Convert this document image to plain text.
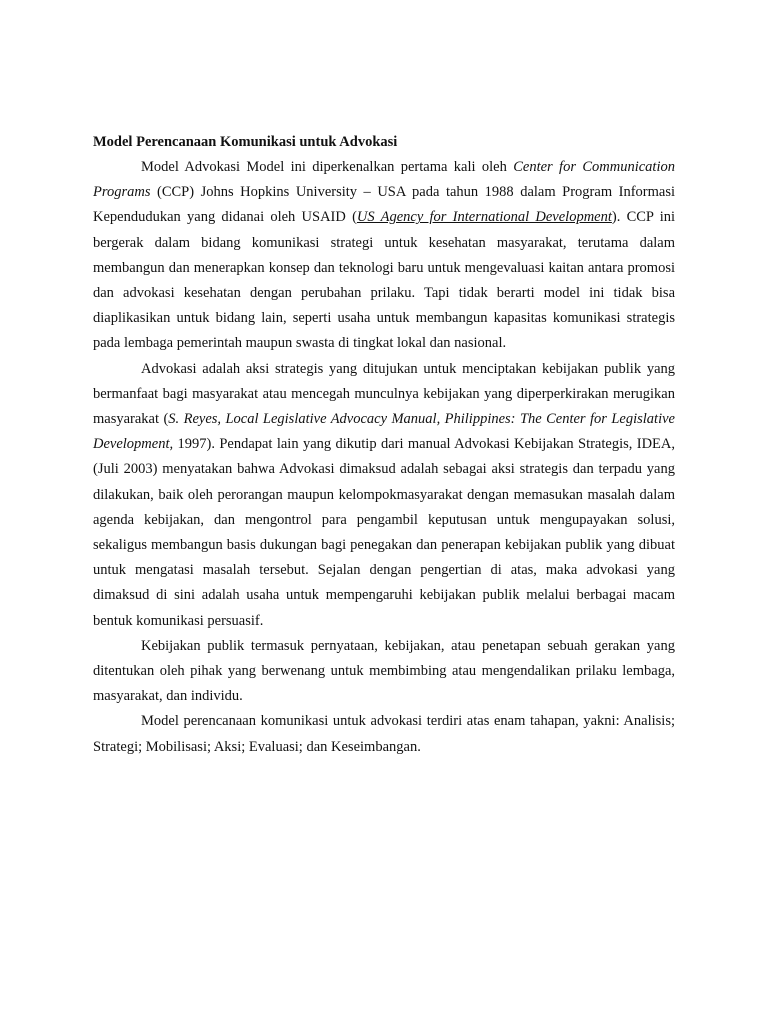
Model Perencanaan Komunikasi untuk Advokasi

Model Advokasi Model ini diperkenalkan pertama kali oleh Center for Communication Programs (CCP) Johns Hopkins University – USA pada tahun 1988 dalam Program Informasi Kependudukan yang didanai oleh USAID (US Agency for International Development). CCP ini bergerak dalam bidang komunikasi strategi untuk kesehatan masyarakat, terutama dalam membangun dan menerapkan konsep dan teknologi baru untuk mengevaluasi kaitan antara promosi dan advokasi kesehatan dengan perubahan prilaku. Tapi tidak berarti model ini tidak bisa diaplikasikan untuk bidang lain, seperti usaha untuk membangun kapasitas komunikasi strategis pada lembaga pemerintah maupun swasta di tingkat lokal dan nasional.

Advokasi adalah aksi strategis yang ditujukan untuk menciptakan kebijakan publik yang bermanfaat bagi masyarakat atau mencegah munculnya kebijakan yang diperperkirakan merugikan masyarakat (S. Reyes, Local Legislative Advocacy Manual, Philippines: The Center for Legislative Development, 1997). Pendapat lain yang dikutip dari manual Advokasi Kebijakan Strategis, IDEA, (Juli 2003) menyatakan bahwa Advokasi dimaksud adalah sebagai aksi strategis dan terpadu yang dilakukan, baik oleh perorangan maupun kelompokmasyarakat dengan memasukan masalah dalam agenda kebijakan, dan mengontrol para pengambil keputusan untuk mengupayakan solusi, sekaligus membangun basis dukungan bagi penegakan dan penerapan kebijakan publik yang dibuat untuk mengatasi masalah tersebut. Sejalan dengan pengertian di atas, maka advokasi yang dimaksud di sini adalah usaha untuk mempengaruhi kebijakan publik melalui berbagai macam bentuk komunikasi persuasif.

Kebijakan publik termasuk pernyataan, kebijakan, atau penetapan sebuah gerakan yang ditentukan oleh pihak yang berwenang untuk membimbing atau mengendalikan prilaku lembaga, masyarakat, dan individu.

Model perencanaan komunikasi untuk advokasi terdiri atas enam tahapan, yakni: Analisis; Strategi; Mobilisasi; Aksi; Evaluasi; dan Keseimbangan.
